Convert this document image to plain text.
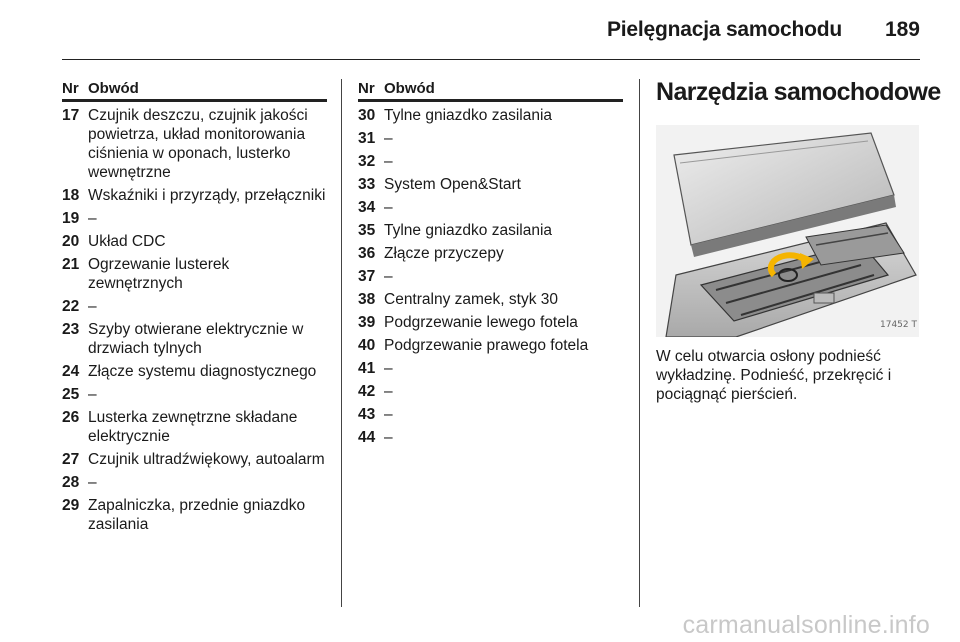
Pielęgnacja samochodu 189
Nr Obwód
17 Czujnik deszczu, czujnik jakości powietrza, układ monitorowania ciśnienia w oponach, lusterko wewnętrzne
18 Wskaźniki i przyrządy, przełączniki
19 –
20 Układ CDC
21 Ogrzewanie lusterek zewnętrznych
22 –
23 Szyby otwierane elektrycznie w drzwiach tylnych
24 Złącze systemu diagnostycznego
25 –
26 Lusterka zewnętrzne składane elektrycznie
27 Czujnik ultradźwiękowy, autoalarm
28 –
29 Zapalniczka, przednie gniazdko zasilania
Nr Obwód
30 Tylne gniazdko zasilania
31 –
32 –
33 System Open&Start
34 –
35 Tylne gniazdko zasilania
36 Złącze przyczepy
37 –
38 Centralny zamek, styk 30
39 Podgrzewanie lewego fotela
40 Podgrzewanie prawego fotela
41 –
42 –
43 –
44 –
Narzędzia samochodowe
17452 T
W celu otwarcia osłony podnieść wykładzinę. Podnieść, przekręcić i pociągnąć pierścień.
carmanualsonline.info
